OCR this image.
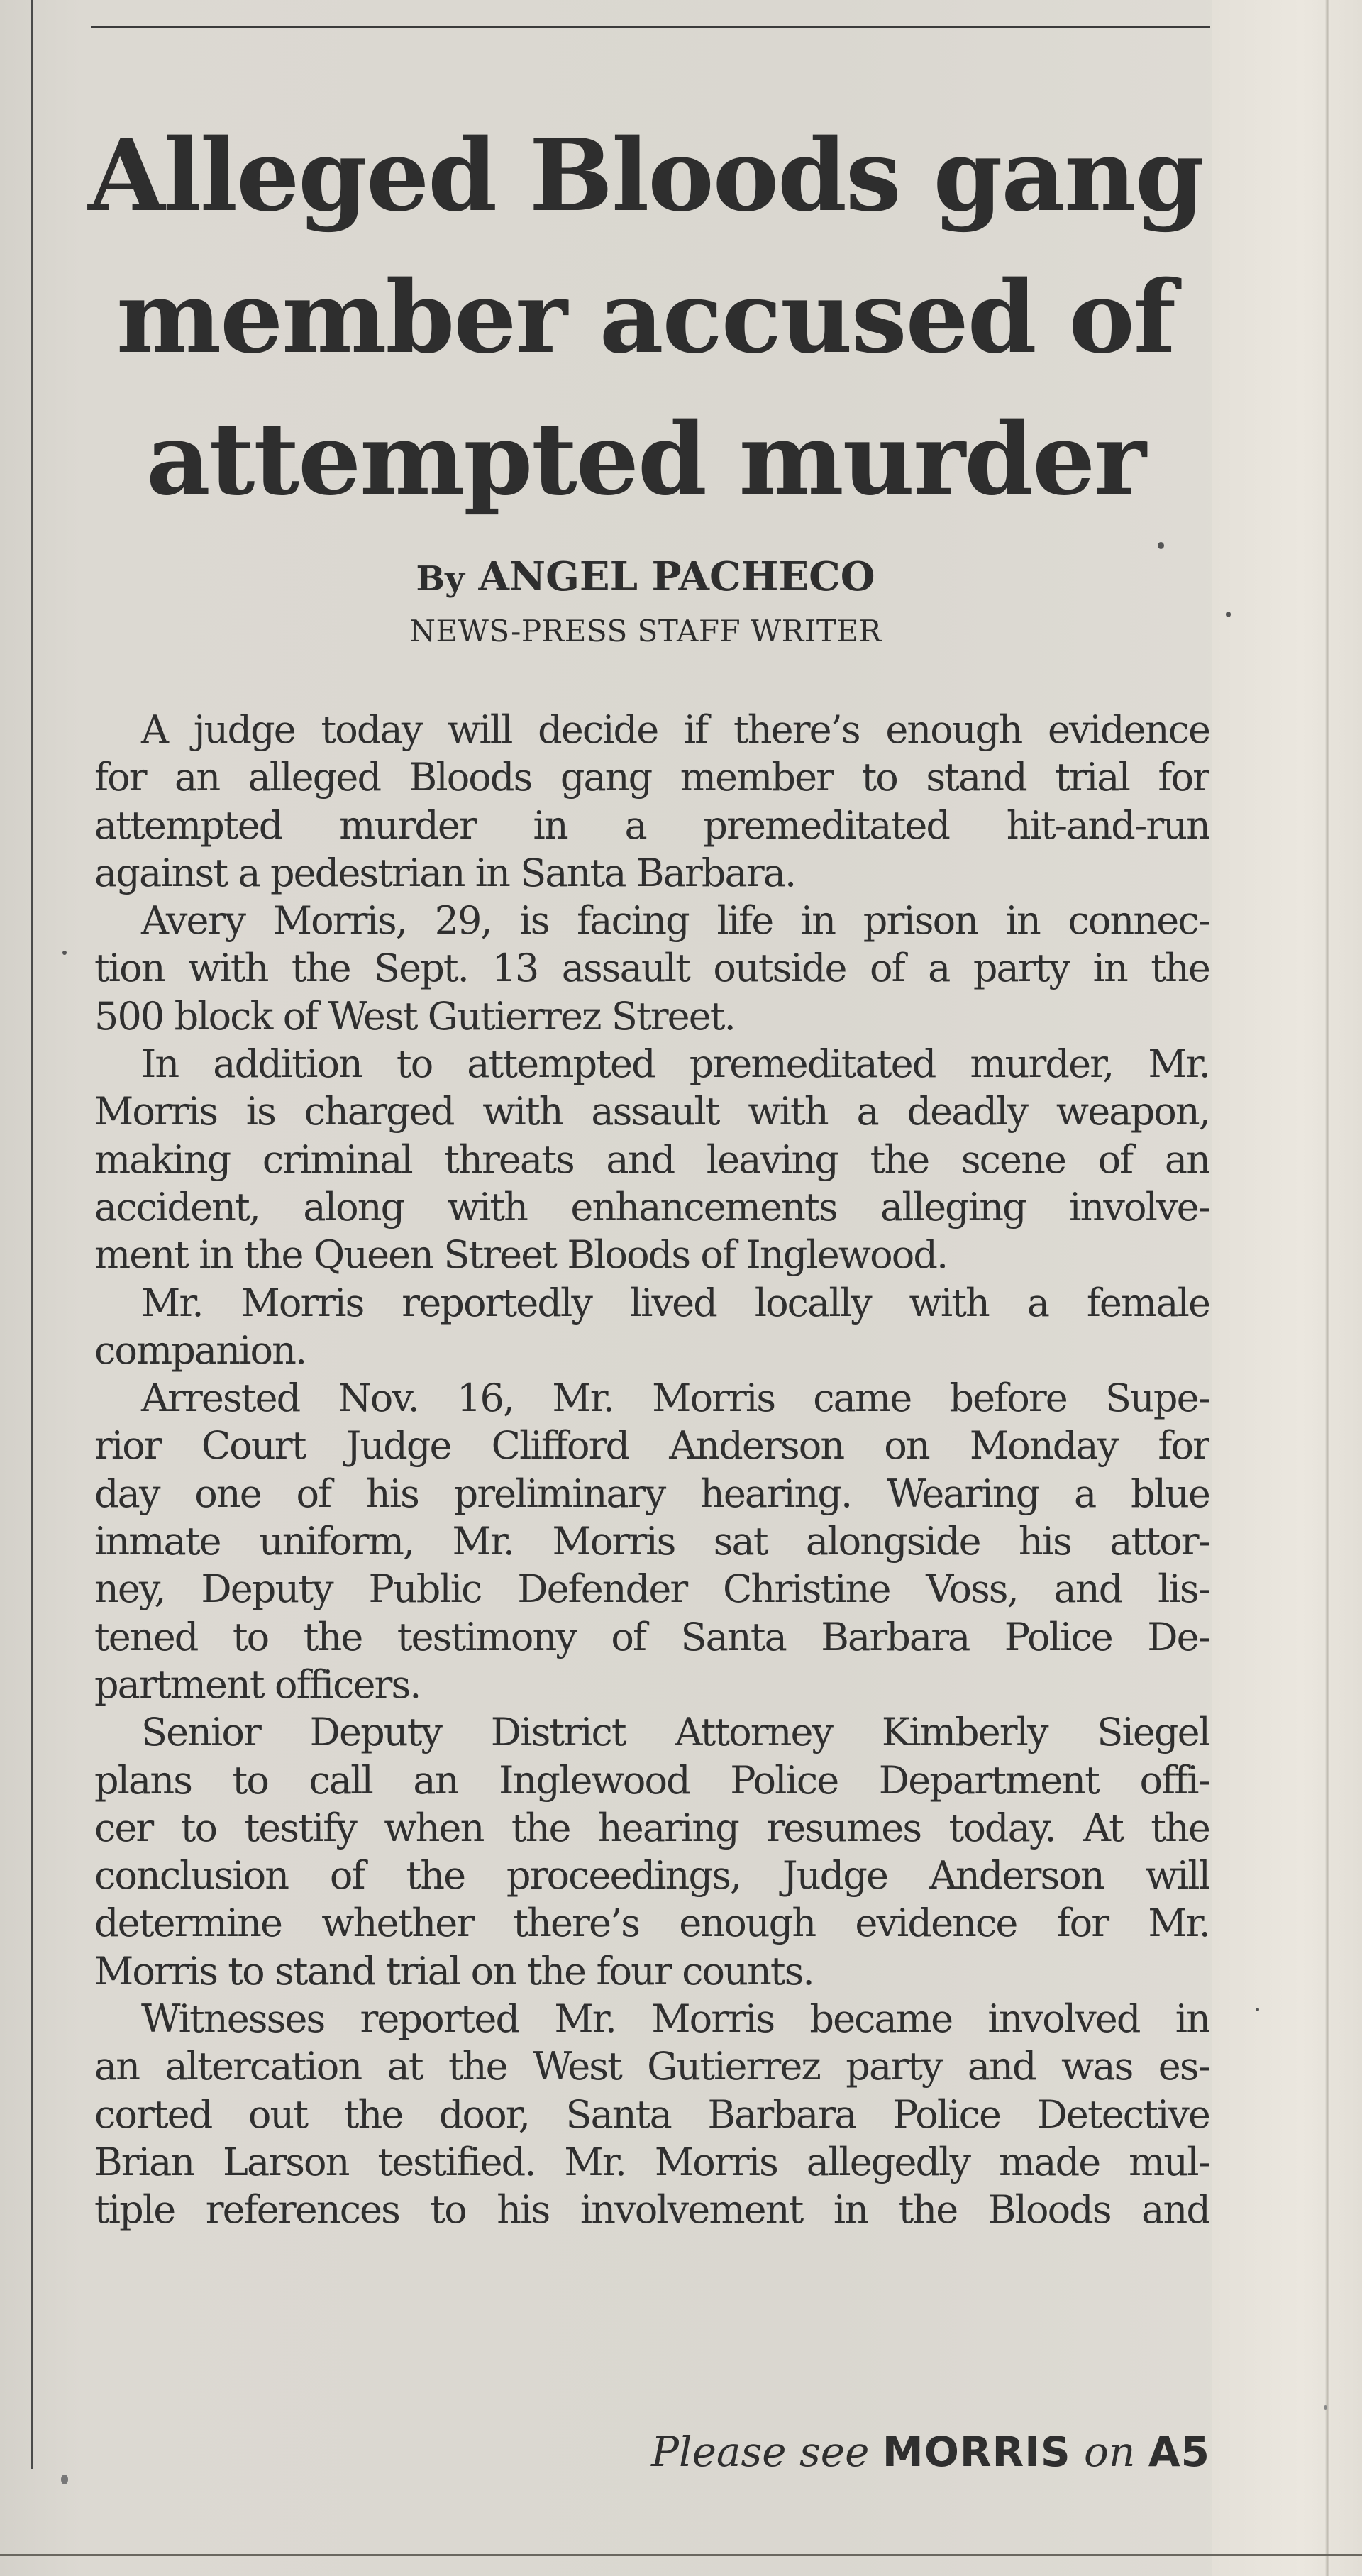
Alleged Bloods gang
member accused of
attempted murder
By ANGEL PACHECO
NEWS-PRESS STAFF WRITER
A judge today will decide if there’s enough evidence
for an alleged Bloods gang member to stand trial for
attempted murder in a premeditated hit-and-run
against a pedestrian in Santa Barbara.
Avery Morris, 29, is facing life in prison in connec-
tion with the Sept. 13 assault outside of a party in the
500 block of West Gutierrez Street.
In addition to attempted premeditated murder, Mr.
Morris is charged with assault with a deadly weapon,
making criminal threats and leaving the scene of an
accident, along with enhancements alleging involve-
ment in the Queen Street Bloods of Inglewood.
Mr. Morris reportedly lived locally with a female
companion.
Arrested Nov. 16, Mr. Morris came before Supe-
rior Court Judge Clifford Anderson on Monday for
day one of his preliminary hearing. Wearing a blue
inmate uniform, Mr. Morris sat alongside his attor-
ney, Deputy Public Defender Christine Voss, and lis-
tened to the testimony of Santa Barbara Police De-
partment officers.
Senior Deputy District Attorney Kimberly Siegel
plans to call an Inglewood Police Department offi-
cer to testify when the hearing resumes today. At the
conclusion of the proceedings, Judge Anderson will
determine whether there’s enough evidence for Mr.
Morris to stand trial on the four counts.
Witnesses reported Mr. Morris became involved in
an altercation at the West Gutierrez party and was es-
corted out the door, Santa Barbara Police Detective
Brian Larson testified. Mr. Morris allegedly made mul-
tiple references to his involvement in the Bloods and
Please see MORRIS on A5
